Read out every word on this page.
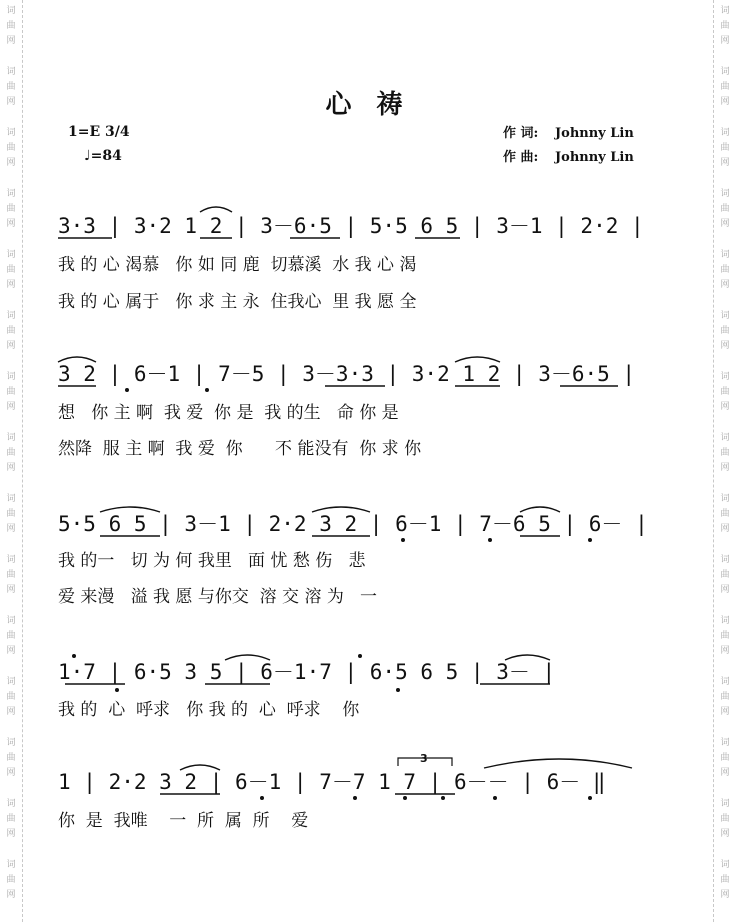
词曲网
词曲网
词曲网
词曲网
词曲网
词曲网
词曲网
词曲网
词曲网
词曲网
词曲网
词曲网
词曲网
词曲网
词曲网
词曲网
词曲网
词曲网
词曲网
词曲网
词曲网
词曲网
词曲网
词曲网
词曲网
词曲网
词曲网
词曲网
词曲网
词曲网
心 祷
1=E 3/4
♩=84
作 词: Johnny Lin
作 曲: Johnny Lin
3·3 | 3·2 1 2 | 3－6·5 | 5·5 6 5 | 3－1 | 2·2 |
我 的 心 渴慕   你 如 同 鹿  切慕溪  水 我 心 渴
我 的 心 属于   你 求 主 永  住我心  里 我 愿 全
3 2 | 6－1 | 7－5 | 3－3·3 | 3·2 1 2 | 3－6·5 |
想   你 主 啊  我 爱  你 是  我 的生   命 你 是
然降  服 主 啊  我 爱  你      不 能没有  你 求 你
5·5 6 5 | 3－1 | 2·2 3 2 | 6－1 | 7－6 5 | 6－ |
我 的一   切 为 何 我里   面 忧 愁 伤   悲
爱 来漫   溢 我 愿 与你交  溶 交 溶 为   一
1·7 | 6·5 3 5 | 6－1·7 | 6·5 6 5 | 3－ |
我 的  心  呼求   你 我 的  心  呼求    你
1 | 2·2 3 2 | 6－1 | 7－7 1 7 | 6－－ | 6－ ‖
你  是  我唯    一  所  属  所    爱
3
